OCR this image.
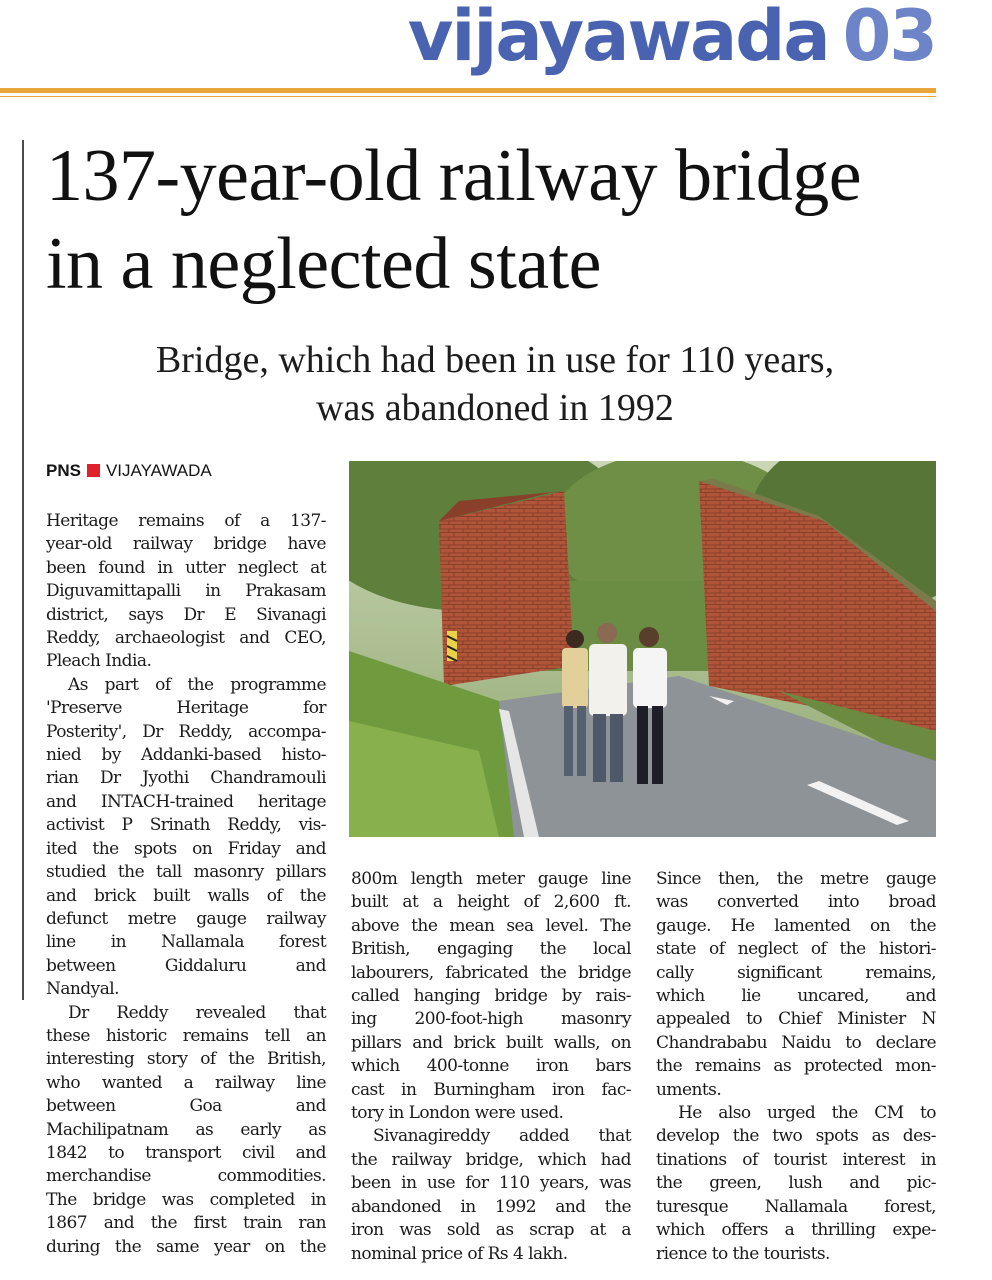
vijayawada 03
137-year-old railway bridge
in a neglected state
Bridge, which had been in use for 110 years,
was abandoned in 1992
PNS VIJAYAWADA

Heritage remains of a 137-

year-old railway bridge have

been found in utter neglect at

Diguvamittapalli in Prakasam

district, says Dr E Sivanagi

Reddy, archaeologist and CEO,

Pleach India.

As part of the programme

'Preserve Heritage for

Posterity', Dr Reddy, accompa-

nied by Addanki-based histo-

rian Dr Jyothi Chandramouli

and INTACH-trained heritage

activist P Srinath Reddy, vis-

ited the spots on Friday and

studied the tall masonry pillars

and brick built walls of the

defunct metre gauge railway

line in Nallamala forest

between Giddaluru and

Nandyal.

Dr Reddy revealed that

these historic remains tell an

interesting story of the British,

who wanted a railway line

between Goa and

Machilipatnam as early as

1842 to transport civil and

merchandise commodities.

The bridge was completed in

1867 and the first train ran

during the same year on the

800m length meter gauge line

built at a height of 2,600 ft.

above the mean sea level. The

British, engaging the local

labourers, fabricated the bridge

called hanging bridge by rais-

ing 200-foot-high masonry

pillars and brick built walls, on

which 400-tonne iron bars

cast in Burningham iron fac-

tory in London were used.

Sivanagireddy added that

the railway bridge, which had

been in use for 110 years, was

abandoned in 1992 and the

iron was sold as scrap at a

nominal price of Rs 4 lakh.

Since then, the metre gauge

was converted into broad

gauge. He lamented on the

state of neglect of the histori-

cally significant remains,

which lie uncared, and

appealed to Chief Minister N

Chandrababu Naidu to declare

the remains as protected mon-

uments.

He also urged the CM to

develop the two spots as des-

tinations of tourist interest in

the green, lush and pic-

turesque Nallamala forest,

which offers a thrilling expe-

rience to the tourists.
